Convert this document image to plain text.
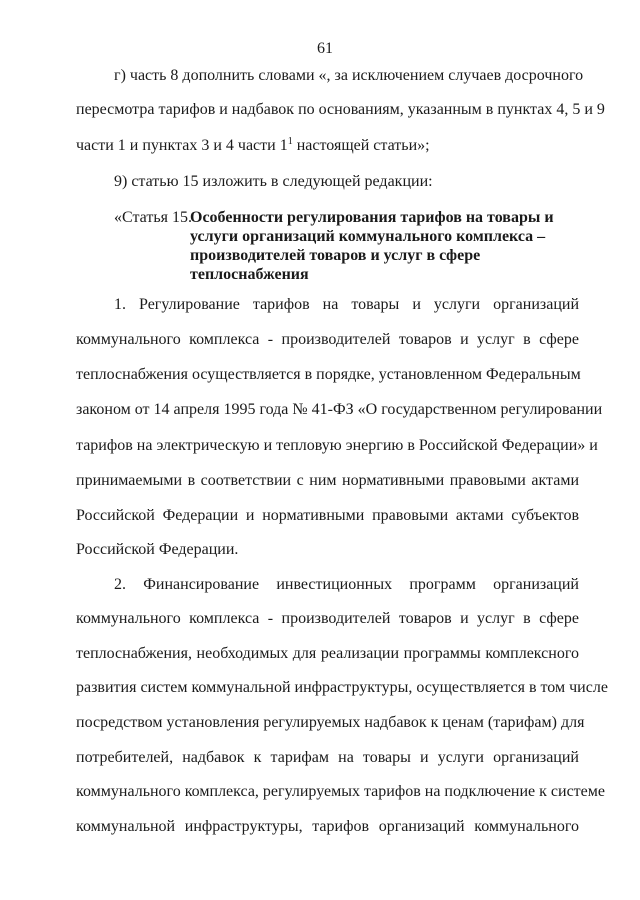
61
г) часть 8 дополнить словами «, за исключением случаев досрочного
пересмотра тарифов и надбавок по основаниям, указанным в пунктах 4, 5 и 9
части 1 и пунктах 3 и 4 части $1^1$ настоящей статьи»;
9) статью 15 изложить в следующей редакции:
«Статья 15.
Особенности регулирования тарифов на товары и
услуги организаций коммунального комплекса –
производителей товаров и услуг в сфере
теплоснабжения
1. Регулирование тарифов на товары и услуги организаций
коммунального комплекса - производителей товаров и услуг в сфере
теплоснабжения осуществляется в порядке, установленном Федеральным
законом от 14 апреля 1995 года № 41-ФЗ «О государственном регулировании
тарифов на электрическую и тепловую энергию в Российской Федерации» и
принимаемыми в соответствии с ним нормативными правовыми актами
Российской Федерации и нормативными правовыми актами субъектов
Российской Федерации.
2. Финансирование инвестиционных программ организаций
коммунального комплекса - производителей товаров и услуг в сфере
теплоснабжения, необходимых для реализации программы комплексного
развития систем коммунальной инфраструктуры, осуществляется в том числе
посредством установления регулируемых надбавок к ценам (тарифам) для
потребителей, надбавок к тарифам на товары и услуги организаций
коммунального комплекса, регулируемых тарифов на подключение к системе
коммунальной инфраструктуры, тарифов организаций коммунального
